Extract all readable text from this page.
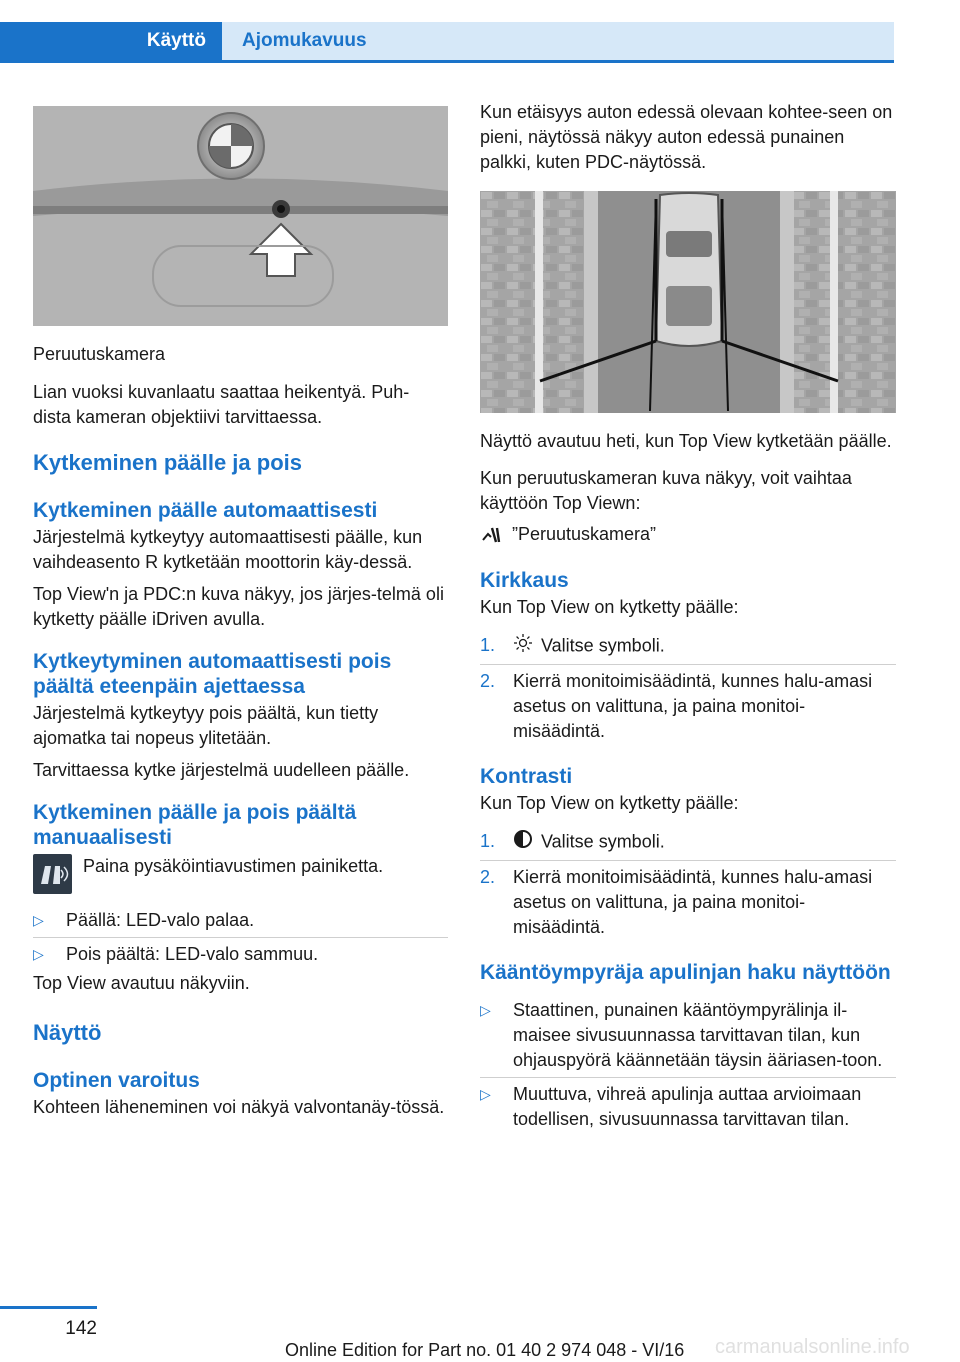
Käyttö	Ajomukavuus

Peruutuskamera

Lian vuoksi kuvanlaatu saattaa heikentyä. Puh-
dista kameran objektiivi tarvittaessa.

Kytkeminen päälle ja pois
Kytkeminen päälle automaattisesti

Järjestelmä kytkeytyy automaattisesti päälle, kun vaihdeasento R kytketään moottorin käy-dessä.

Top View'n ja PDC:n kuva näkyy, jos järjes-telmä oli kytketty päälle iDriven avulla.

Kytkeytyminen automaattisesti pois päältä eteenpäin ajettaessa

Järjestelmä kytkeytyy pois päältä, kun tietty ajomatka tai nopeus ylitetään.

Tarvittaessa kytke järjestelmä uudelleen päälle.

Kytkeminen päälle ja pois päältä manuaalisesti

Paina pysäköintiavustimen painiketta.

▷ Päällä: LED-valo palaa.
▷ Pois päältä: LED-valo sammuu.

Top View avautuu näkyviin.

Näyttö
Optinen varoitus

Kohteen läheneminen voi näkyä valvontanäy-tössä.

Kun etäisyys auton edessä olevaan kohtee-seen on pieni, näytössä näkyy auton edessä punainen palkki, kuten PDC-näytössä.

Näyttö avautuu heti, kun Top View kytketään päälle.

Kun peruutuskameran kuva näkyy, voit vaihtaa käyttöön Top Viewn:

”Peruutuskamera”

Kirkkaus

Kun Top View on kytketty päälle:

1.	Valitse symboli.
2. Kierrä monitoimisäädintä, kunnes halu-amasi asetus on valittuna, ja paina monitoi-misäädintä.
Kontrasti

Kun Top View on kytketty päälle:

1.	Valitse symboli.
2. Kierrä monitoimisäädintä, kunnes halu-amasi asetus on valittuna, ja paina monitoi-misäädintä.
Kääntöympyräja apulinjan haku näyttöön
▷ Staattinen, punainen kääntöympyrälinja il-maisee sivusuunnassa tarvittavan tilan, kun ohjauspyörä käännetään täysin ääriasen-toon.
▷ Muuttuva, vihreä apulinja auttaa arvioimaan todellisen, sivusuunnassa tarvittavan tilan.
142
Online Edition for Part no. 01 40 2 974 048 - VI/16 carmanualsonline.info
